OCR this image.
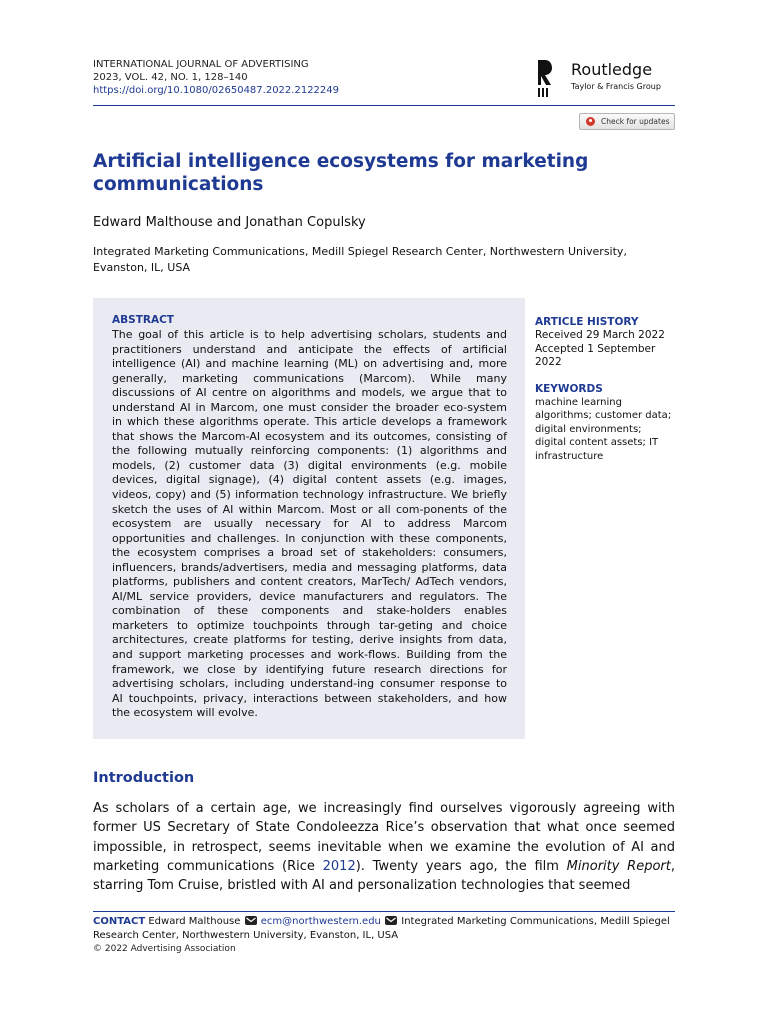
INTERNATIONAL JOURNAL OF ADVERTISING
2023, VOL. 42, NO. 1, 128–140
https://doi.org/10.1080/02650487.2022.2122249
Routledge
Taylor & Francis Group
Check for updates
Artificial intelligence ecosystems for marketing communications
Edward Malthouse and Jonathan Copulsky
Integrated Marketing Communications, Medill Spiegel Research Center, Northwestern University, Evanston, IL, USA
ABSTRACT
The goal of this article is to help advertising scholars, students and practitioners understand and anticipate the effects of artificial intelligence (AI) and machine learning (ML) on advertising and, more generally, marketing communications (Marcom). While many discussions of AI centre on algorithms and models, we argue that to understand AI in Marcom, one must consider the broader eco-system in which these algorithms operate. This article develops a framework that shows the Marcom-AI ecosystem and its outcomes, consisting of the following mutually reinforcing components: (1) algorithms and models, (2) customer data (3) digital environments (e.g. mobile devices, digital signage), (4) digital content assets (e.g. images, videos, copy) and (5) information technology infrastructure. We briefly sketch the uses of AI within Marcom. Most or all com-ponents of the ecosystem are usually necessary for AI to address Marcom opportunities and challenges. In conjunction with these components, the ecosystem comprises a broad set of stakeholders: consumers, influencers, brands/advertisers, media and messaging platforms, data platforms, publishers and content creators, MarTech/ AdTech vendors, AI/ML service providers, device manufacturers and regulators. The combination of these components and stake-holders enables marketers to optimize touchpoints through tar-geting and choice architectures, create platforms for testing, derive insights from data, and support marketing processes and work-flows. Building from the framework, we close by identifying future research directions for advertising scholars, including understand-ing consumer response to AI touchpoints, privacy, interactions between stakeholders, and how the ecosystem will evolve.
ARTICLE HISTORY
Received 29 March 2022
Accepted 1 September 2022
KEYWORDS
machine learning algorithms; customer data; digital environments; digital content assets; IT infrastructure
Introduction
As scholars of a certain age, we increasingly find ourselves vigorously agreeing with former US Secretary of State Condoleezza Rice’s observation that what once seemed impossible, in retrospect, seems inevitable when we examine the evolution of AI and marketing communications (Rice 2012). Twenty years ago, the film Minority Report, starring Tom Cruise, bristled with AI and personalization technologies that seemed
CONTACT Edward Malthouse ecm@northwestern.edu Integrated Marketing Communications, Medill Spiegel Research Center, Northwestern University, Evanston, IL, USA
© 2022 Advertising Association
